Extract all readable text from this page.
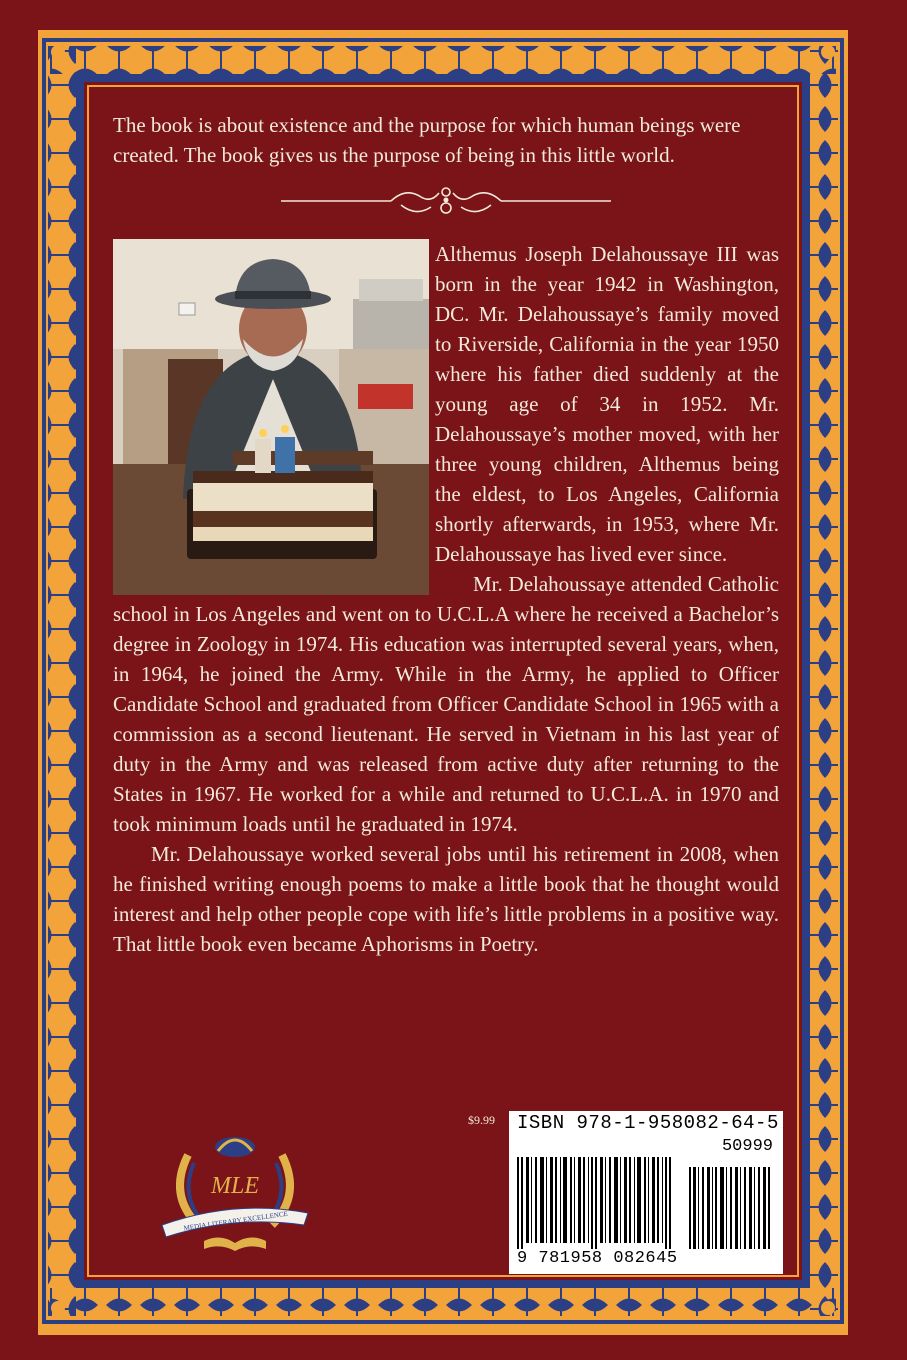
The book is about existence and the purpose for which human beings were created. The book gives us the purpose of being in this little world.

Althemus Joseph Delahoussaye III was born in the year 1942 in Washington, DC. Mr. Delahoussaye’s family moved to Riverside, California in the year 1950 where his father died suddenly at the young age of 34 in 1952. Mr. Delahoussaye’s mother moved, with her three young children, Althemus being the eldest, to Los Angeles, California shortly afterwards, in 1953, where Mr. Delahoussaye has lived ever since.

Mr. Delahoussaye attended Catholic school in Los Angeles and went on to U.C.L.A where he received a Bachelor’s degree in Zoology in 1974. His education was interrupted several years, when, in 1964, he joined the Army. While in the Army, he applied to Officer Candidate School and graduated from Officer Candidate School in 1965 with a commission as a second lieutenant. He served in Vietnam in his last year of duty in the Army and was released from active duty after returning to the States in 1967. He worked for a while and returned to U.C.L.A. in 1970 and took minimum loads until he graduated in 1974.

Mr. Delahoussaye worked several jobs until his retirement in 2008, when he finished writing enough poems to make a little book that he thought would interest and help other people cope with life’s little problems in a positive way. That little book even became Aphorisms in Poetry.

$9.99
MLE
MEDIA LITERARY EXCELLENCE
ISBN 978-1-958082-64-5
50999
9 781958 082645
